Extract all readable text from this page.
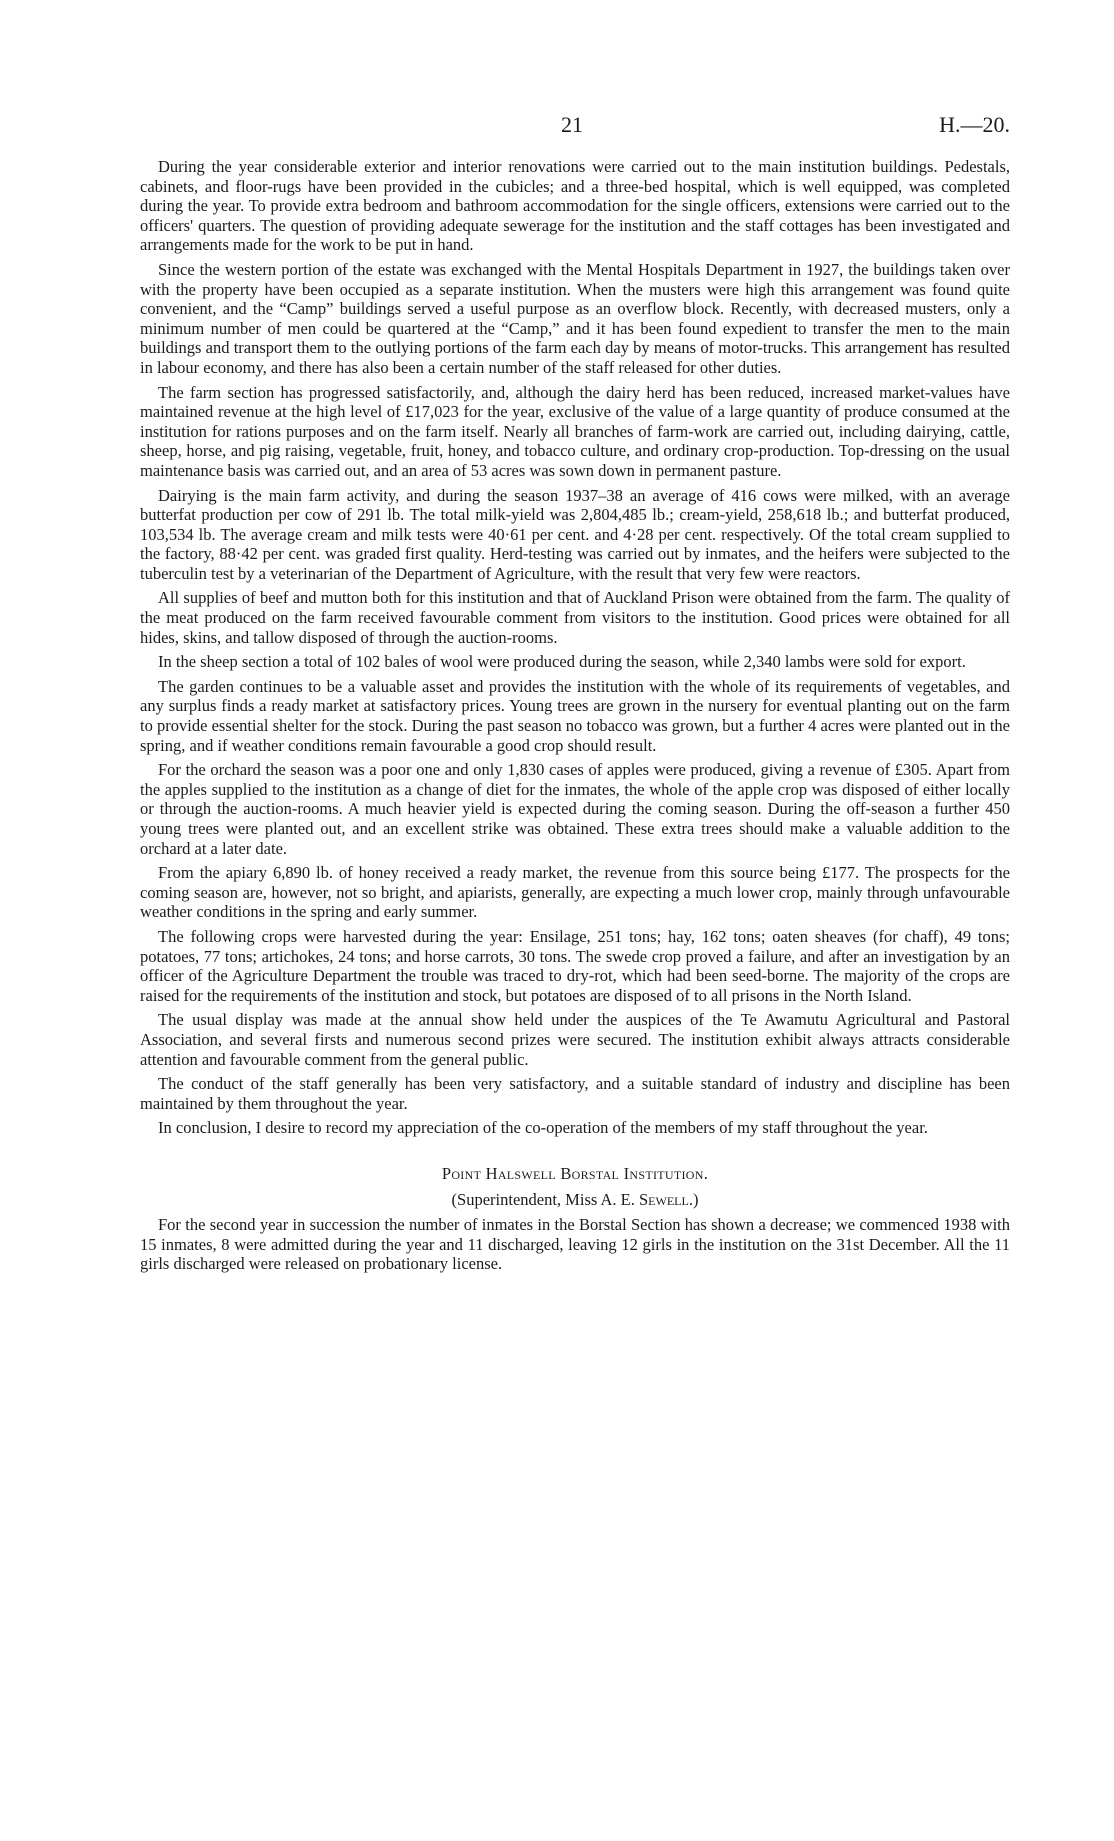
21	H.—20.

During the year considerable exterior and interior renovations were carried out to the main institution buildings. Pedestals, cabinets, and floor-rugs have been provided in the cubicles; and a three-bed hospital, which is well equipped, was completed during the year. To provide extra bedroom and bathroom accommodation for the single officers, extensions were carried out to the officers' quarters. The question of providing adequate sewerage for the institution and the staff cottages has been investigated and arrangements made for the work to be put in hand.

Since the western portion of the estate was exchanged with the Mental Hospitals Department in 1927, the buildings taken over with the property have been occupied as a separate institution. When the musters were high this arrangement was found quite convenient, and the “Camp” buildings served a useful purpose as an overflow block. Recently, with decreased musters, only a minimum number of men could be quartered at the “Camp,” and it has been found expedient to transfer the men to the main buildings and transport them to the outlying portions of the farm each day by means of motor-trucks. This arrangement has resulted in labour economy, and there has also been a certain number of the staff released for other duties.

The farm section has progressed satisfactorily, and, although the dairy herd has been reduced, increased market-values have maintained revenue at the high level of £17,023 for the year, exclusive of the value of a large quantity of produce consumed at the institution for rations purposes and on the farm itself. Nearly all branches of farm-work are carried out, including dairying, cattle, sheep, horse, and pig raising, vegetable, fruit, honey, and tobacco culture, and ordinary crop-production. Top-dressing on the usual maintenance basis was carried out, and an area of 53 acres was sown down in permanent pasture.

Dairying is the main farm activity, and during the season 1937–38 an average of 416 cows were milked, with an average butterfat production per cow of 291 lb. The total milk-yield was 2,804,485 lb.; cream-yield, 258,618 lb.; and butterfat produced, 103,534 lb. The average cream and milk tests were 40·61 per cent. and 4·28 per cent. respectively. Of the total cream supplied to the factory, 88·42 per cent. was graded first quality. Herd-testing was carried out by inmates, and the heifers were subjected to the tuberculin test by a veterinarian of the Department of Agriculture, with the result that very few were reactors.

All supplies of beef and mutton both for this institution and that of Auckland Prison were obtained from the farm. The quality of the meat produced on the farm received favourable comment from visitors to the institution. Good prices were obtained for all hides, skins, and tallow disposed of through the auction-rooms.

In the sheep section a total of 102 bales of wool were produced during the season, while 2,340 lambs were sold for export.

The garden continues to be a valuable asset and provides the institution with the whole of its requirements of vegetables, and any surplus finds a ready market at satisfactory prices. Young trees are grown in the nursery for eventual planting out on the farm to provide essential shelter for the stock. During the past season no tobacco was grown, but a further 4 acres were planted out in the spring, and if weather conditions remain favourable a good crop should result.

For the orchard the season was a poor one and only 1,830 cases of apples were produced, giving a revenue of £305. Apart from the apples supplied to the institution as a change of diet for the inmates, the whole of the apple crop was disposed of either locally or through the auction-rooms. A much heavier yield is expected during the coming season. During the off-season a further 450 young trees were planted out, and an excellent strike was obtained. These extra trees should make a valuable addition to the orchard at a later date.

From the apiary 6,890 lb. of honey received a ready market, the revenue from this source being £177. The prospects for the coming season are, however, not so bright, and apiarists, generally, are expecting a much lower crop, mainly through unfavourable weather conditions in the spring and early summer.

The following crops were harvested during the year: Ensilage, 251 tons; hay, 162 tons; oaten sheaves (for chaff), 49 tons; potatoes, 77 tons; artichokes, 24 tons; and horse carrots, 30 tons. The swede crop proved a failure, and after an investigation by an officer of the Agriculture Department the trouble was traced to dry-rot, which had been seed-borne. The majority of the crops are raised for the requirements of the institution and stock, but potatoes are disposed of to all prisons in the North Island.

The usual display was made at the annual show held under the auspices of the Te Awamutu Agricultural and Pastoral Association, and several firsts and numerous second prizes were secured. The institution exhibit always attracts considerable attention and favourable comment from the general public.

The conduct of the staff generally has been very satisfactory, and a suitable standard of industry and discipline has been maintained by them throughout the year.

In conclusion, I desire to record my appreciation of the co-operation of the members of my staff throughout the year.

Point Halswell Borstal Institution.
(Superintendent, Miss A. E. Sewell.)

For the second year in succession the number of inmates in the Borstal Section has shown a decrease; we commenced 1938 with 15 inmates, 8 were admitted during the year and 11 discharged, leaving 12 girls in the institution on the 31st December. All the 11 girls discharged were released on probationary license.
